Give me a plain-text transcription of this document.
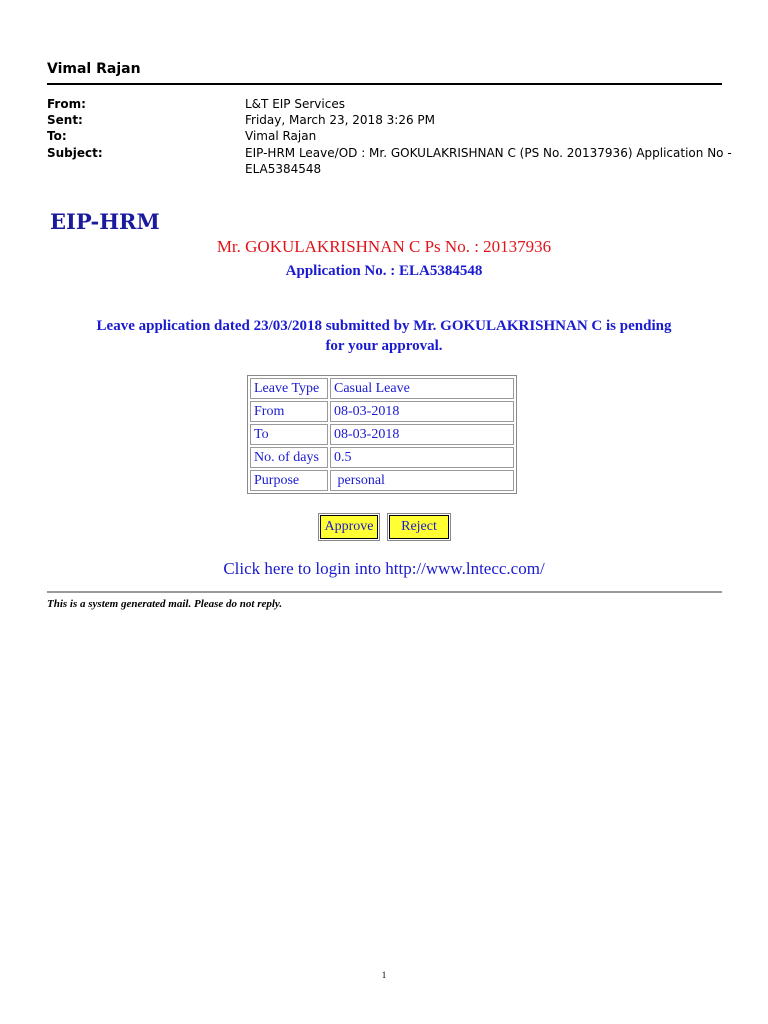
Vimal Rajan
From:	L&T EIP Services
Sent:	Friday, March 23, 2018 3:26 PM
To:	Vimal Rajan
Subject:	EIP-HRM Leave/OD : Mr. GOKULAKRISHNAN C (PS No. 20137936) Application No -
ELA5384548
EIP-HRM
Mr. GOKULAKRISHNAN C Ps No. : 20137936
Application No. : ELA5384548
Leave application dated 23/03/2018 submitted by Mr. GOKULAKRISHNAN C is pending
for your approval.
Leave Type	Casual Leave
From	08-03-2018
To	08-03-2018
No. of days	0.5
Purpose	personal
Approve	Reject
Click here to login into http://www.lntecc.com/
This is a system generated mail. Please do not reply.
1
